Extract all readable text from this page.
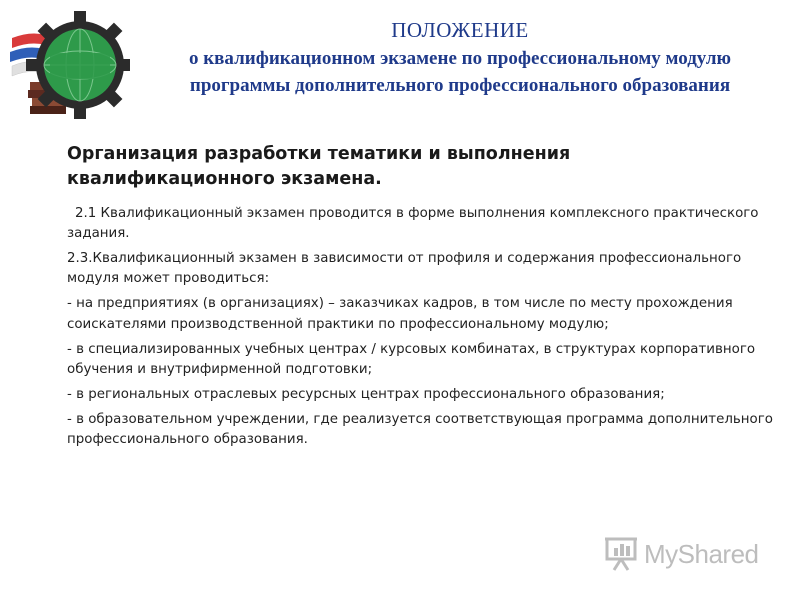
ПОЛОЖЕНИЕ
о квалификационном экзамене по профессиональному модулю
программы дополнительного профессионального образования
Организация разработки тематики и выполнения квалификационного экзамена.

2.1 Квалификационный экзамен проводится в форме выполнения комплексного практического задания.

2.3.Квалификационный экзамен в зависимости от профиля и содержания профессионального модуля может проводиться:

- на предприятиях (в организациях) – заказчиках кадров, в том числе по месту прохождения соискателями производственной практики по профессиональному модулю;

- в специализированных учебных центрах / курсовых комбинатах, в структурах корпоративного обучения и внутрифирменной подготовки;

- в региональных отраслевых ресурсных центрах профессионального образования;

- в образовательном учреждении, где реализуется соответствующая программа дополнительного профессионального образования.

MyShared
